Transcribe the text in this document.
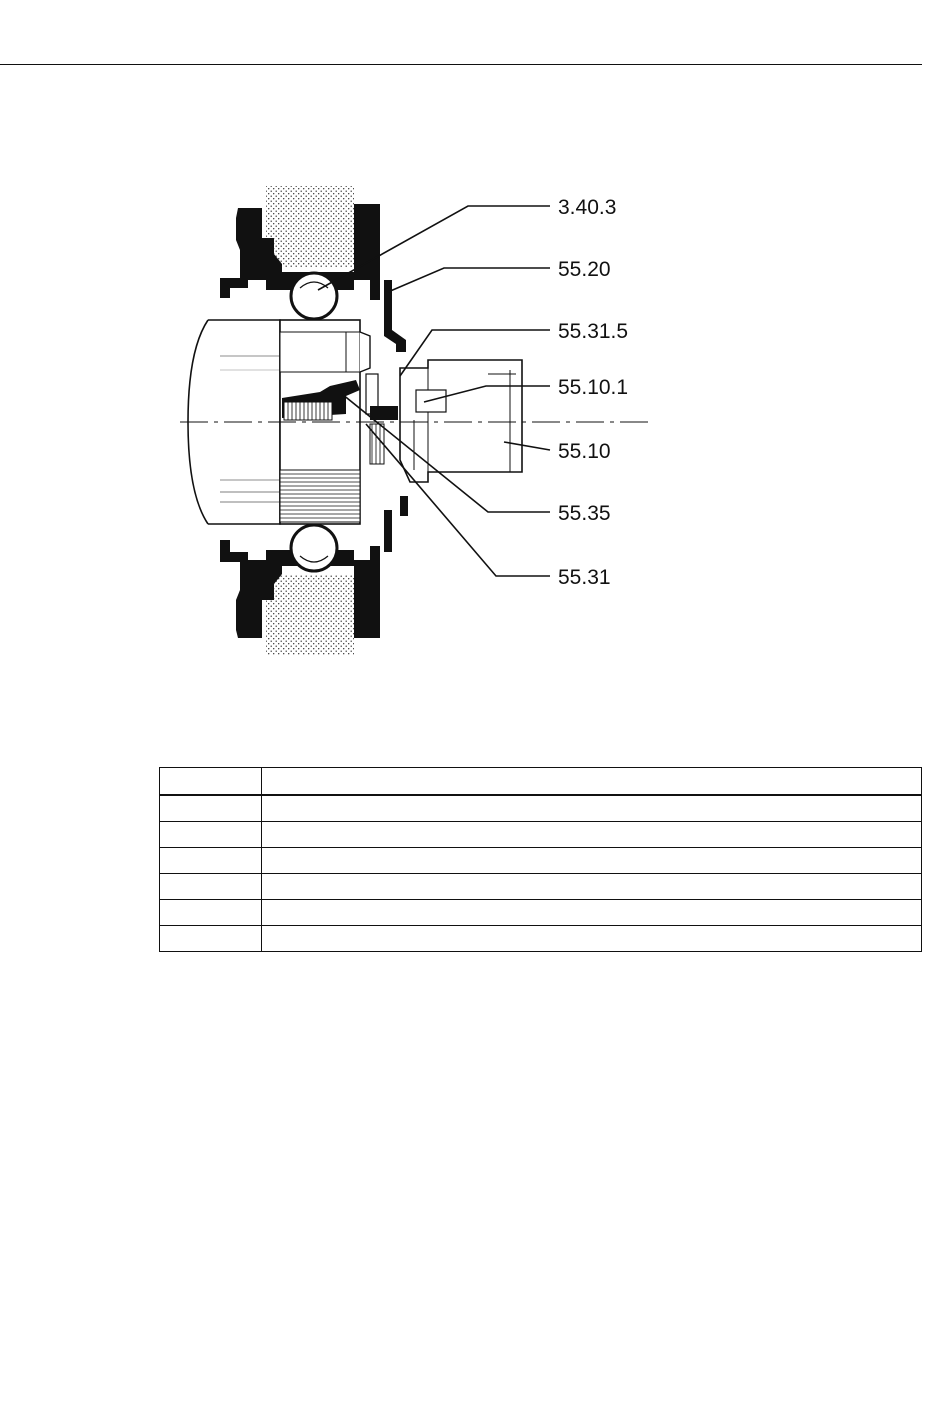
3.40.3
55.20
55.31.5
55.10.1
55.10
55.35
55.31
